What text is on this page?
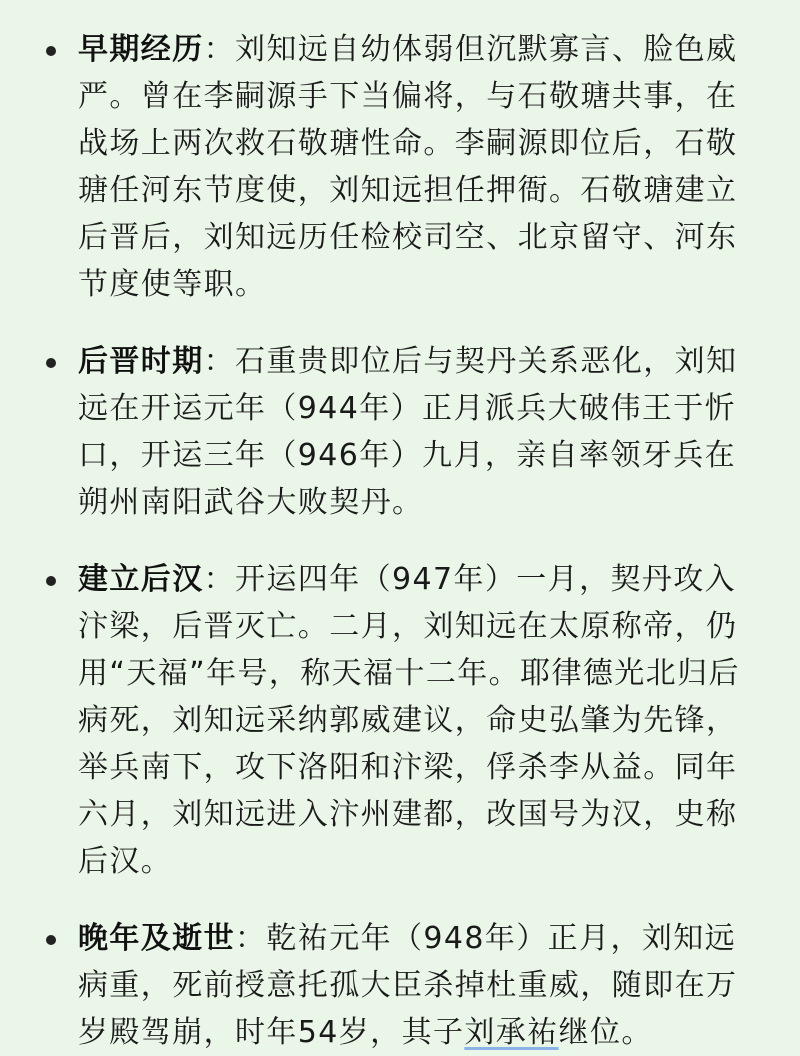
早期经历：刘知远自幼体弱但沉默寡言、脸色威严。曾在李嗣源手下当偏将，与石敬瑭共事，在战场上两次救石敬瑭性命。李嗣源即位后，石敬瑭任河东节度使，刘知远担任押衙。石敬瑭建立后晋后，刘知远历任检校司空、北京留守、河东节度使等职。
后晋时期：石重贵即位后与契丹关系恶化，刘知远在开运元年（944年）正月派兵大破伟王于忻口，开运三年（946年）九月，亲自率领牙兵在朔州南阳武谷大败契丹。
建立后汉：开运四年（947年）一月，契丹攻入汴梁，后晋灭亡。二月，刘知远在太原称帝，仍用“天福”年号，称天福十二年。耶律德光北归后病死，刘知远采纳郭威建议，命史弘肇为先锋，举兵南下，攻下洛阳和汴梁，俘杀李从益。同年六月，刘知远进入汴州建都，改国号为汉，史称后汉。
晚年及逝世：乾祐元年（948年）正月，刘知远病重，死前授意托孤大臣杀掉杜重威，随即在万岁殿驾崩，时年54岁，其子刘承祐继位。
